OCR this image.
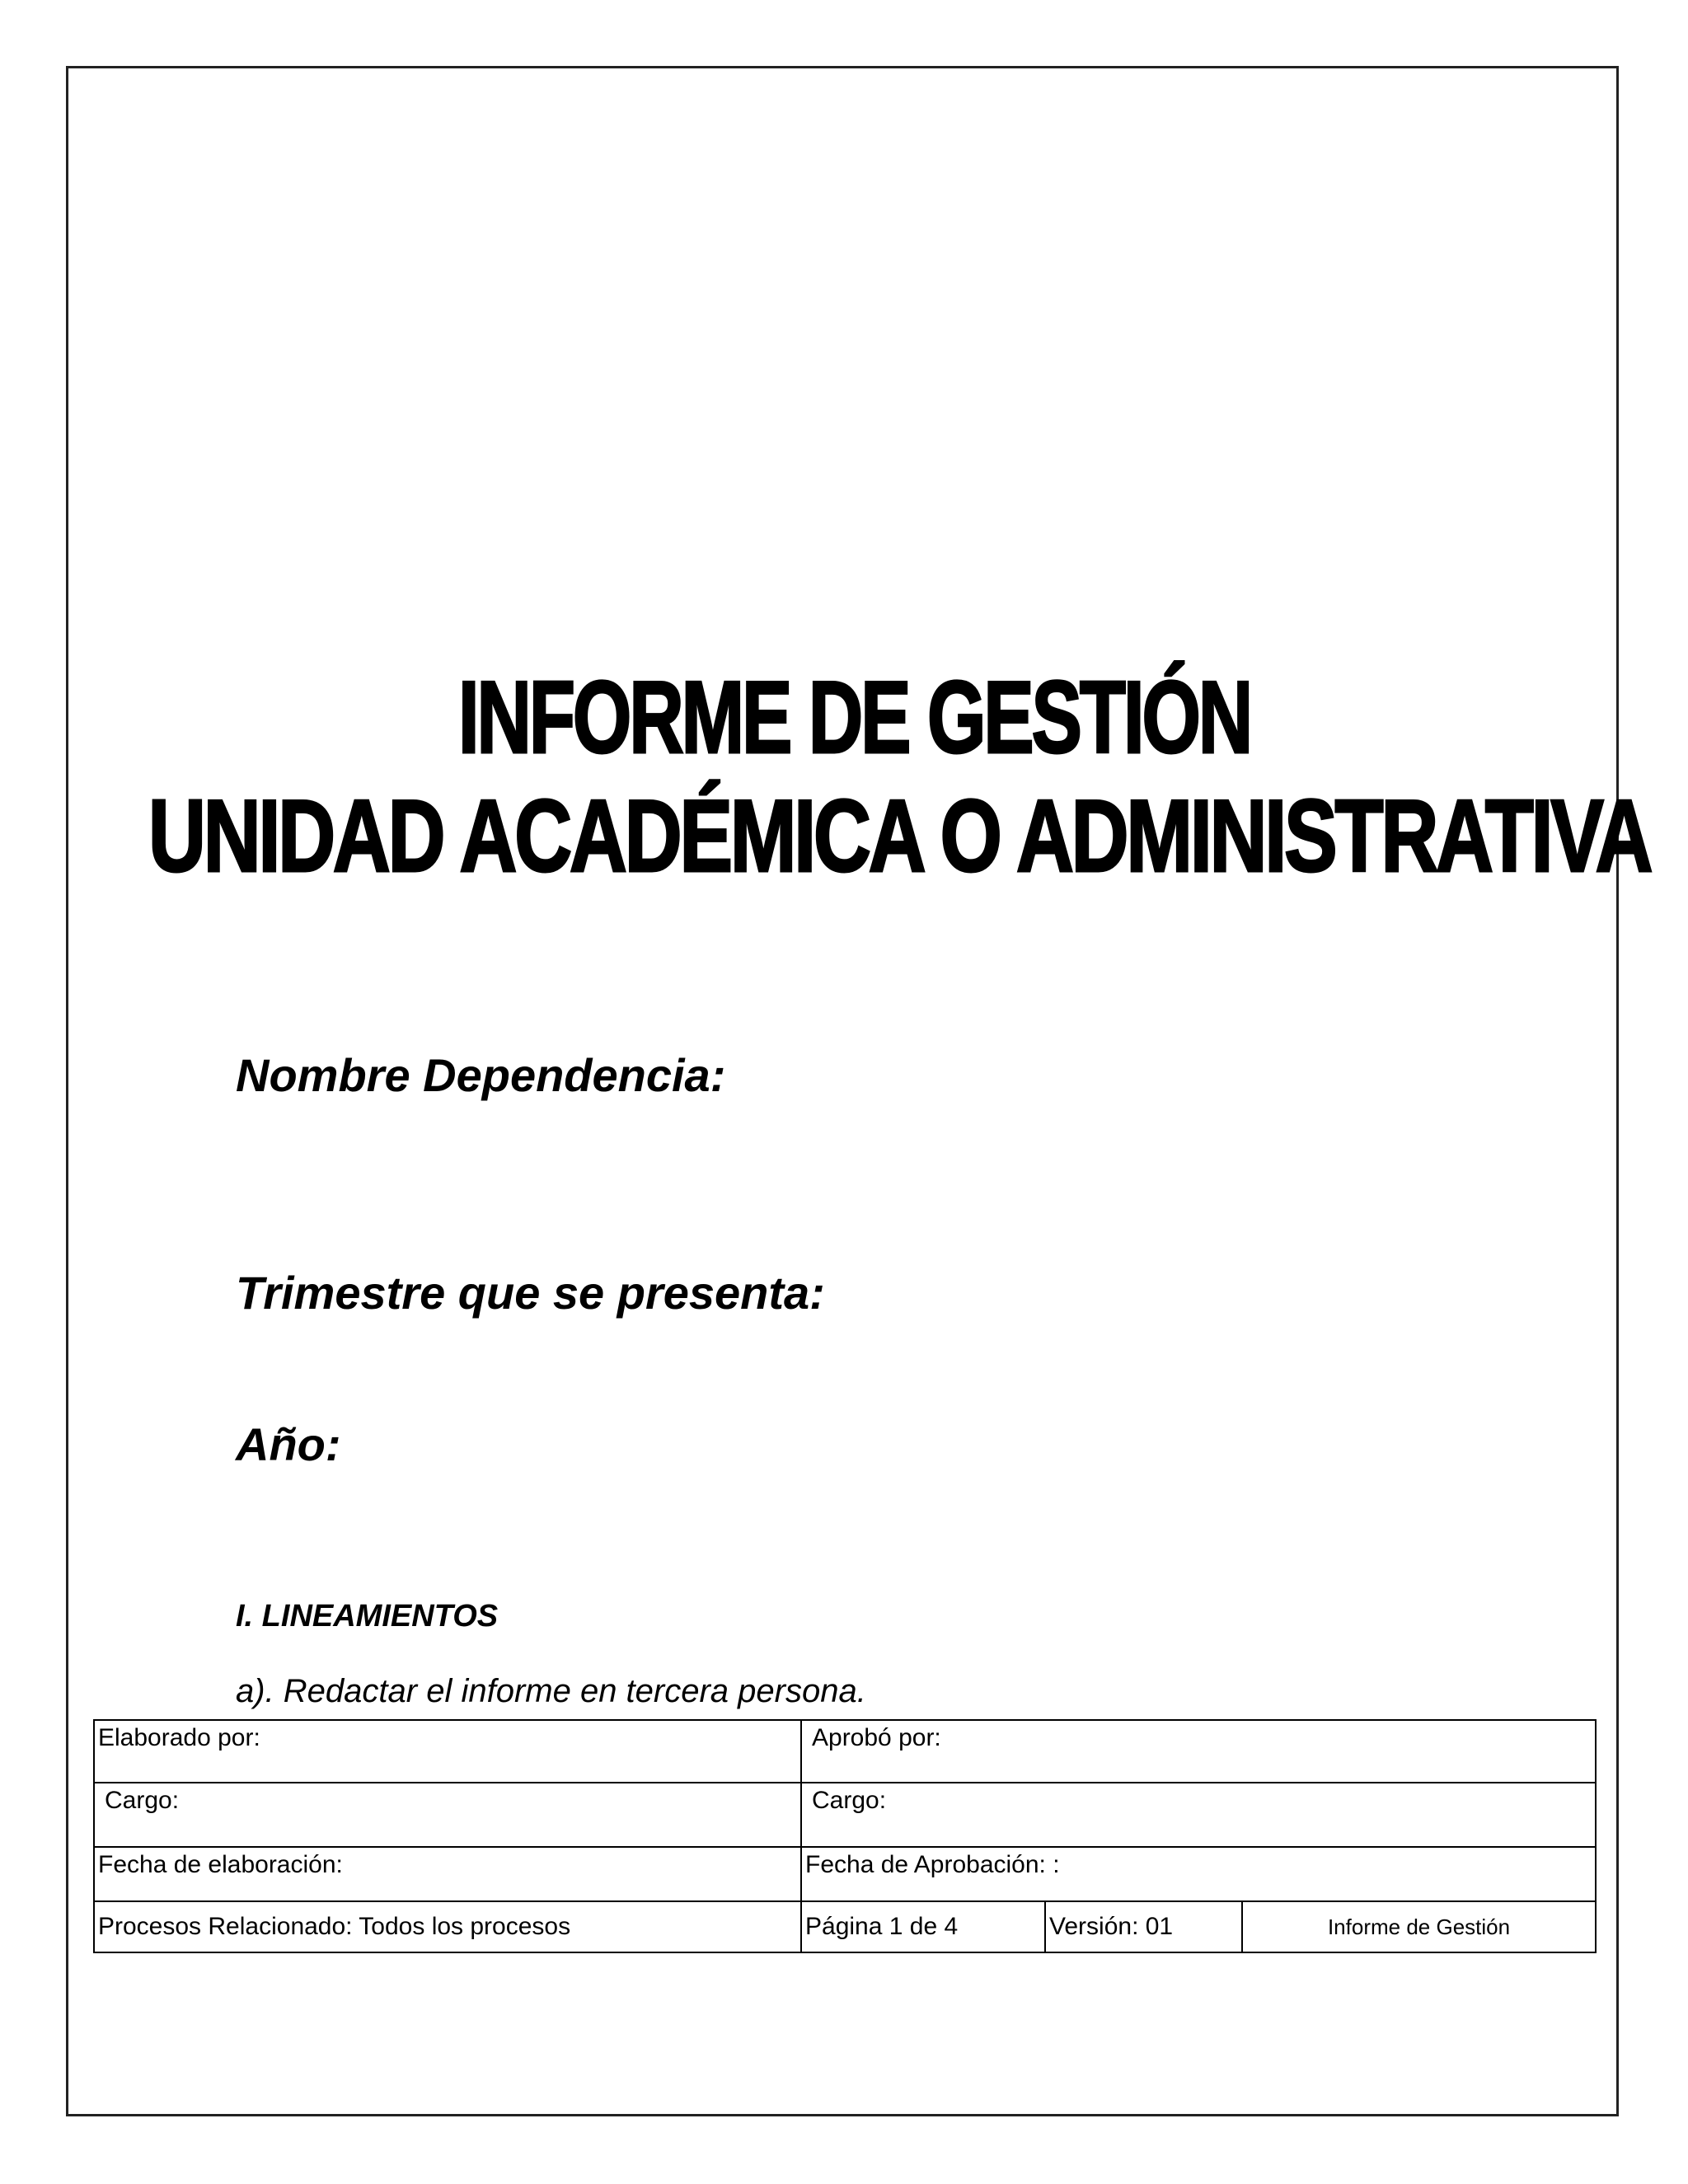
INFORME DE GESTIÓN
UNIDAD ACADÉMICA O ADMINISTRATIVA
Nombre Dependencia:
Trimestre que se presenta:
Año:
I. LINEAMIENTOS
a). Redactar el informe en tercera persona.
Elaborado por:	Aprobó por:		
Cargo:	Cargo:		
Fecha de elaboración:	Fecha de Aprobación: :		
Procesos Relacionado: Todos los procesos	Página 1 de 4	Versión: 01	Informe de Gestión
